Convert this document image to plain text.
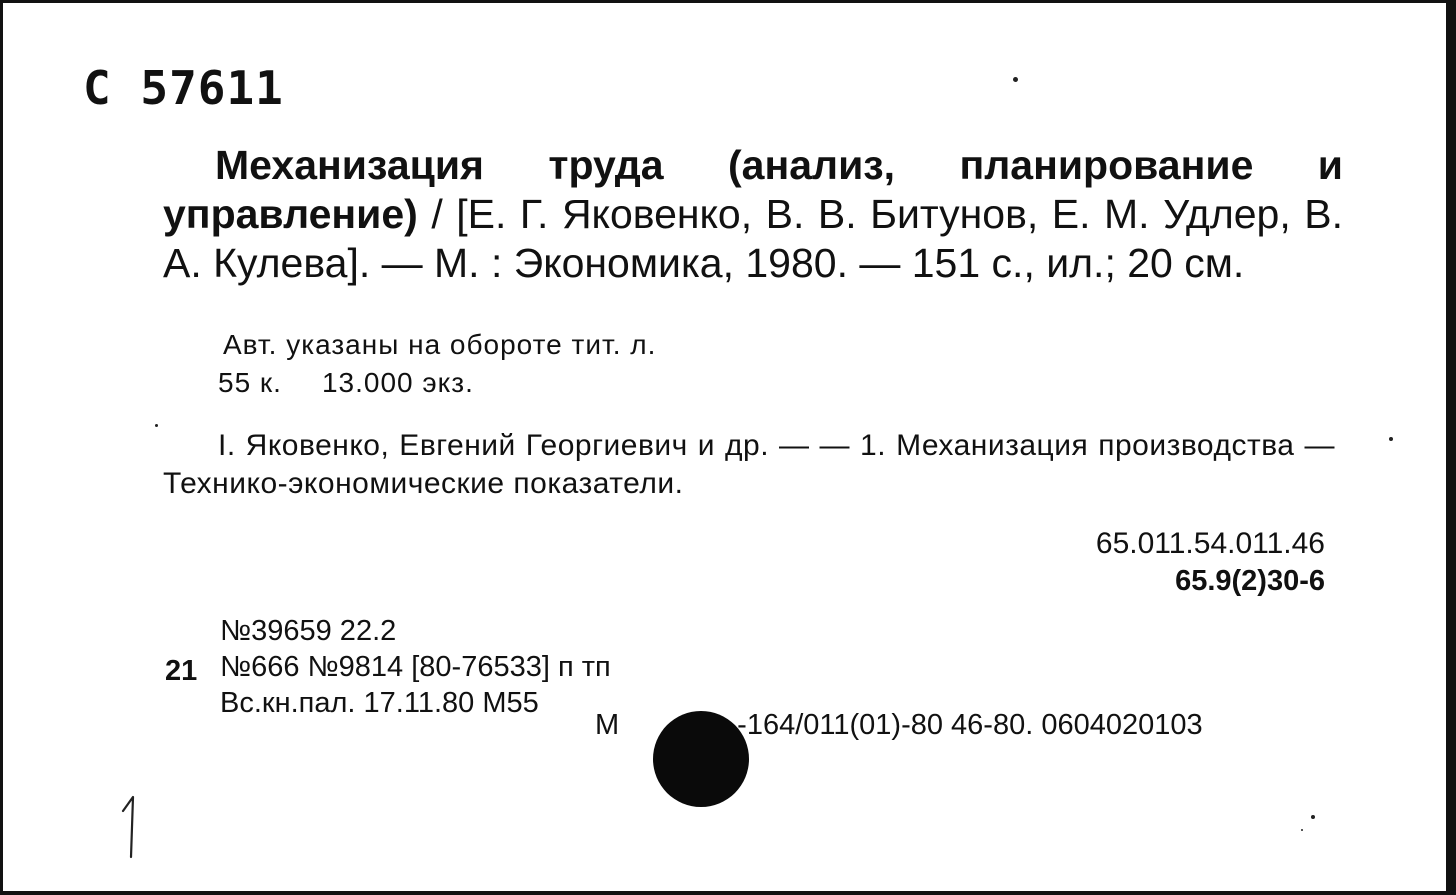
С 57611
Механизация труда (анализ, планирование и управление) / [Е. Г. Яковенко, В. В. Битунов, Е. М. Удлер, В. А. Кулева]. — М. : Экономика, 1980. — 151 с., ил.; 20 см.
Авт. указаны на обороте тит. л.
55 к. 13.000 экз.
I. Яковенко, Евгений Георгиевич и др. — — 1. Механизация производства — Технико-экономические показатели.
65.011.54.011.46
65.9(2)30-6
№39659 22.2
21 №666 №9814 [80-76533] п тп
Вс.кн.пал. 17.11.80 М55
М	-164/011(01)-80 46-80. 0604020103
